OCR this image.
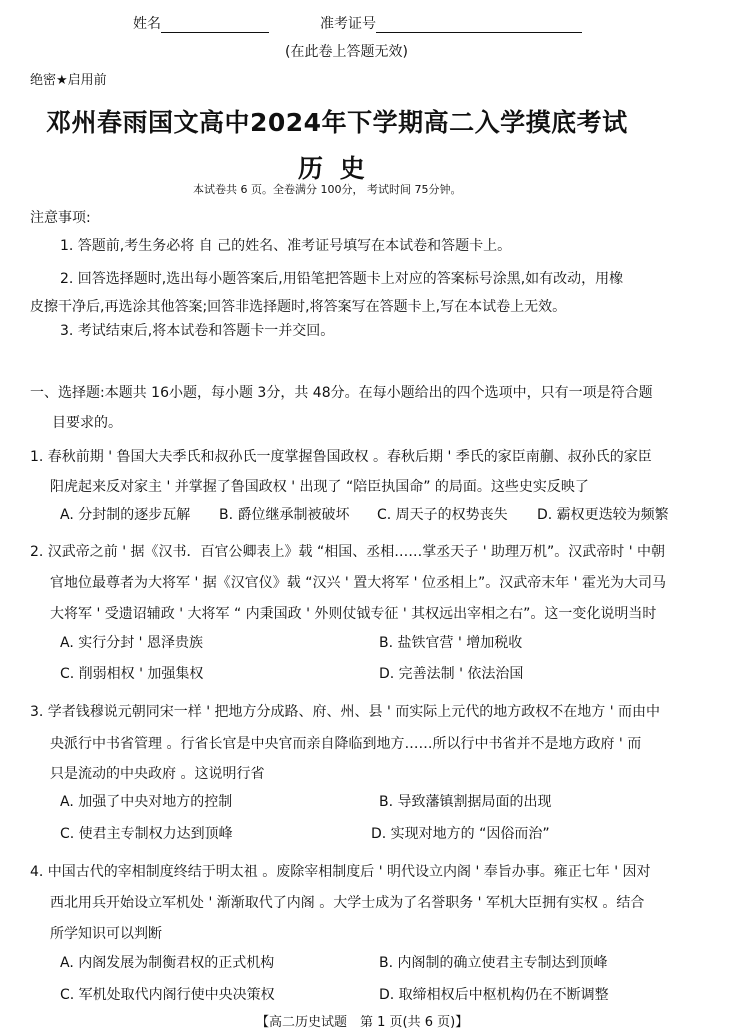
姓名	准考证号
(在此卷上答题无效)
绝密★启用前
邓州春雨国文高中2024年下学期高二入学摸底考试
历 史
本试卷共 6 页。全卷满分 100分， 考试时间 75分钟。
注意事项:
1. 答题前,考生务必将 自 己的姓名、准考证号填写在本试卷和答题卡上。
2. 回答选择题时,选出每小题答案后,用铅笔把答题卡上对应的答案标号涂黑,如有改动，用橡
皮擦干净后,再选涂其他答案;回答非选择题时,将答案写在答题卡上,写在本试卷上无效。
3. 考试结束后,将本试卷和答题卡一并交回。
一、选择题:本题共 16小题，每小题 3分，共 48分。在每小题给出的四个选项中，只有一项是符合题
目要求的。
1. 春秋前期 ' 鲁国大夫季氏和叔孙氏一度掌握鲁国政权 。春秋后期 ' 季氏的家臣南蒯、叔孙氏的家臣
阳虎起来反对家主 ' 并掌握了鲁国政权 ' 出现了 “陪臣执国命” 的局面。这些史实反映了
A. 分封制的逐步瓦解 B. 爵位继承制被破坏 C. 周天子的权势丧失 D. 霸权更迭较为频繁
2. 汉武帝之前 ' 据《汉书．百官公卿表上》载 “相国、丞相……掌丞天子 ' 助理万机”。汉武帝时 ' 中朝
官地位最尊者为大将军 ' 据《汉官仪》载 “汉兴 ' 置大将军 ' 位丞相上”。汉武帝末年 ' 霍光为大司马
大将军 ' 受遗诏辅政 ' 大将军 “ 内秉国政 ' 外则仗钺专征 ' 其权远出宰相之右”。这一变化说明当时
A. 实行分封 ' 恩泽贵族	B. 盐铁官营 ' 增加税收
C. 削弱相权 ' 加强集权	D. 完善法制 ' 依法治国
3. 学者钱穆说元朝同宋一样 ' 把地方分成路、府、州、县 ' 而实际上元代的地方政权不在地方 ' 而由中
央派行中书省管理 。行省长官是中央官而亲自降临到地方……所以行中书省并不是地方政府 ' 而
只是流动的中央政府 。这说明行省
A. 加强了中央对地方的控制	B. 导致藩镇割据局面的出现
C. 使君主专制权力达到顶峰	D. 实现对地方的 “因俗而治”
4. 中国古代的宰相制度终结于明太祖 。废除宰相制度后 ' 明代设立内阁 ' 奉旨办事。雍正七年 ' 因对
西北用兵开始设立军机处 ' 渐渐取代了内阁 。大学士成为了名誉职务 ' 军机大臣拥有实权 。结合
所学知识可以判断
A. 内阁发展为制衡君权的正式机构	B. 内阁制的确立使君主专制达到顶峰
C. 军机处取代内阁行使中央决策权	D. 取缔相权后中枢机构仍在不断调整
【高二历史试题　第 1 页(共 6 页)】
